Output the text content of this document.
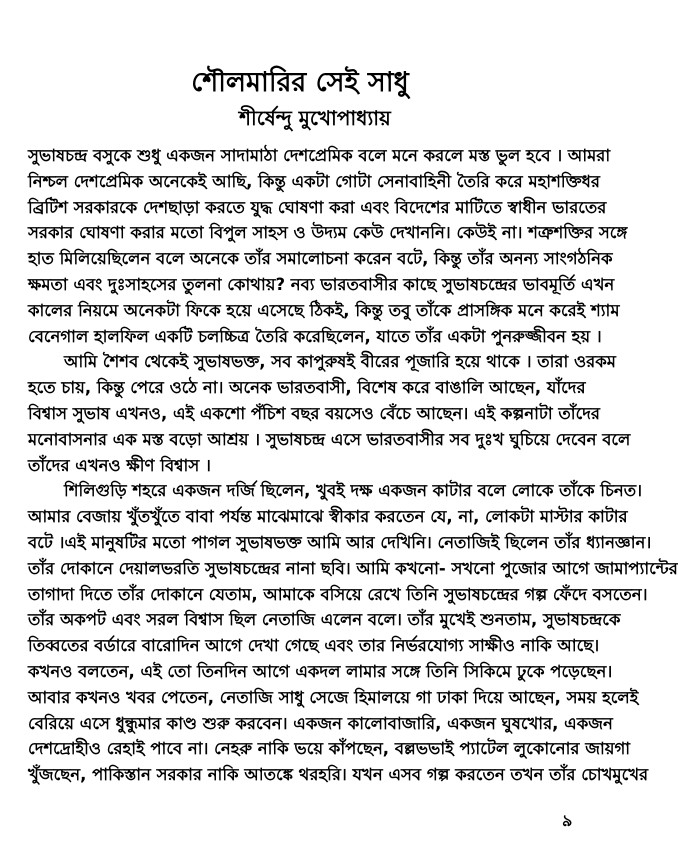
শৌলমারির সেই সাধু
শীর্ষেন্দু মুখোপাধ্যায়
সুভাষচন্দ্র বসুকে শুধু একজন সাদামাঠা দেশপ্রেমিক বলে মনে করলে মস্ত ভুল হবে । আমরা
নিশ্চল দেশপ্রেমিক অনেকেই আছি, কিন্তু একটা গোটা সেনাবাহিনী তৈরি করে মহাশক্তিধর
ব্রিটিশ সরকারকে দেশছাড়া করতে যুদ্ধ ঘোষণা করা এবং বিদেশের মাটিতে স্বাধীন ভারতের
সরকার ঘোষণা করার মতো বিপুল সাহস ও উদ্যম কেউ দেখাননি। কেউই না। শত্রুশক্তির সঙ্গে
হাত মিলিয়েছিলেন বলে অনেকে তাঁর সমালোচনা করেন বটে, কিন্তু তাঁর অনন্য সাংগঠনিক
ক্ষমতা এবং দুঃসাহসের তুলনা কোথায়? নব্য ভারতবাসীর কাছে সুভাষচন্দ্রের ভাবমূর্তি এখন
কালের নিয়মে অনেকটা ফিকে হয়ে এসেছে ঠিকই, কিন্তু তবু তাঁকে প্রাসঙ্গিক মনে করেই শ্যাম
বেনেগাল হালফিল একটি চলচ্চিত্র তৈরি করেছিলেন, যাতে তাঁর একটা পুনরুজ্জীবন হয় ।
আমি শৈশব থেকেই সুভাষভক্ত, সব কাপুরুষই বীরের পূজারি হয়ে থাকে । তারা ওরকম
হতে চায়, কিন্তু পেরে ওঠে না। অনেক ভারতবাসী, বিশেষ করে বাঙালি আছেন, যাঁদের
বিশ্বাস সুভাষ এখনও, এই একশো পঁচিশ বছর বয়সেও বেঁচে আছেন। এই কল্পনাটা তাঁদের
মনোবাসনার এক মস্ত বড়ো আশ্রয় । সুভাষচন্দ্র এসে ভারতবাসীর সব দুঃখ ঘুচিয়ে দেবেন বলে
তাঁদের এখনও ক্ষীণ বিশ্বাস ।
শিলিগুড়ি শহরে একজন দর্জি ছিলেন, খুবই দক্ষ একজন কাটার বলে লোকে তাঁকে চিনত।
আমার বেজায় খুঁতখুঁতে বাবা পর্যন্ত মাঝেমাঝে স্বীকার করতেন যে, না, লোকটা মাস্টার কাটার
বটে ।এই মানুষটির মতো পাগল সুভাষভক্ত আমি আর দেখিনি। নেতাজিই ছিলেন তাঁর ধ্যানজ্ঞান।
তাঁর দোকানে দেয়ালভরতি সুভাষচন্দ্রের নানা ছবি। আমি কখনো- সখনো পুজোর আগে জামাপ্যান্টের
তাগাদা দিতে তাঁর দোকানে যেতাম, আমাকে বসিয়ে রেখে তিনি সুভাষচন্দ্রের গল্প ফেঁদে বসতেন।
তাঁর অকপট এবং সরল বিশ্বাস ছিল নেতাজি এলেন বলে। তাঁর মুখেই শুনতাম, সুভাষচন্দ্রকে
তিব্বতের বর্ডারে বারোদিন আগে দেখা গেছে এবং তার নির্ভরযোগ্য সাক্ষীও নাকি আছে।
কখনও বলতেন, এই তো তিনদিন আগে একদল লামার সঙ্গে তিনি সিকিমে ঢুকে পড়েছেন।
আবার কখনও খবর পেতেন, নেতাজি সাধু সেজে হিমালয়ে গা ঢাকা দিয়ে আছেন, সময় হলেই
বেরিয়ে এসে ধুন্ধুমার কাণ্ড শুরু করবেন। একজন কালোবাজারি, একজন ঘুষখোর, একজন
দেশদ্রোহীও রেহাই পাবে না। নেহরু নাকি ভয়ে কাঁপছেন, বল্লভভাই প্যাটেল লুকোনোর জায়গা
খুঁজছেন, পাকিস্তান সরকার নাকি আতঙ্কে থরহরি। যখন এসব গল্প করতেন তখন তাঁর চোখমুখের
৯
